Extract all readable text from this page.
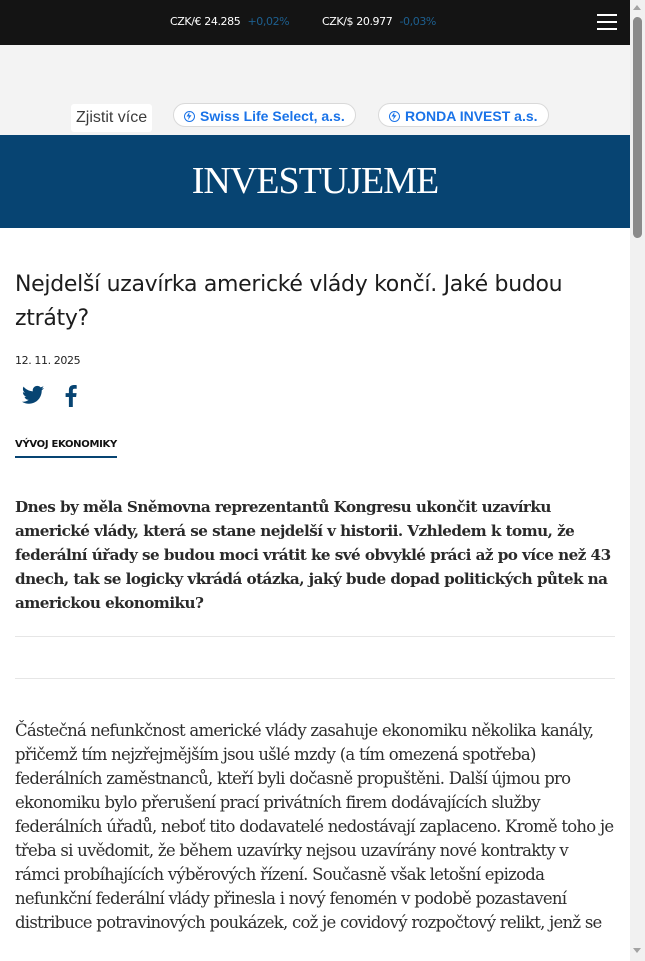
CZK/€ 24.285 +0,02%	CZK/$ 20.977 -0,03%
Zjistit více	Swiss Life Select, a.s.	RONDA INVEST a.s.
INVESTUJEME
Nejdelší uzavírka americké vlády končí. Jaké budou ztráty?
12. 11. 2025
VÝVOJ EKONOMIKY
Dnes by měla Sněmovna reprezentantů Kongresu ukončit uzavírku americké vlády, která se stane nejdelší v historii. Vzhledem k tomu, že federální úřady se budou moci vrátit ke své obvyklé práci až po více než 43 dnech, tak se logicky vkrádá otázka, jaký bude dopad politických půtek na americkou ekonomiku?
Částečná nefunkčnost americké vlády zasahuje ekonomiku několika kanály, přičemž tím nejzřejmějším jsou ušlé mzdy (a tím omezená spotřeba) federálních zaměstnanců, kteří byli dočasně propuštěni. Další újmou pro ekonomiku bylo přerušení prací privátních firem dodávajících služby federálních úřadů, neboť tito dodavatelé nedostávají zaplaceno. Kromě toho je třeba si uvědomit, že během uzavírky nejsou uzavírány nové kontrakty v rámci probíhajících výběrových řízení. Současně však letošní epizoda nefunkční federální vlády přinesla i nový fenomén v podobě pozastavení distribuce potravinových poukázek, což je covidový rozpočtový relikt, jenž se
